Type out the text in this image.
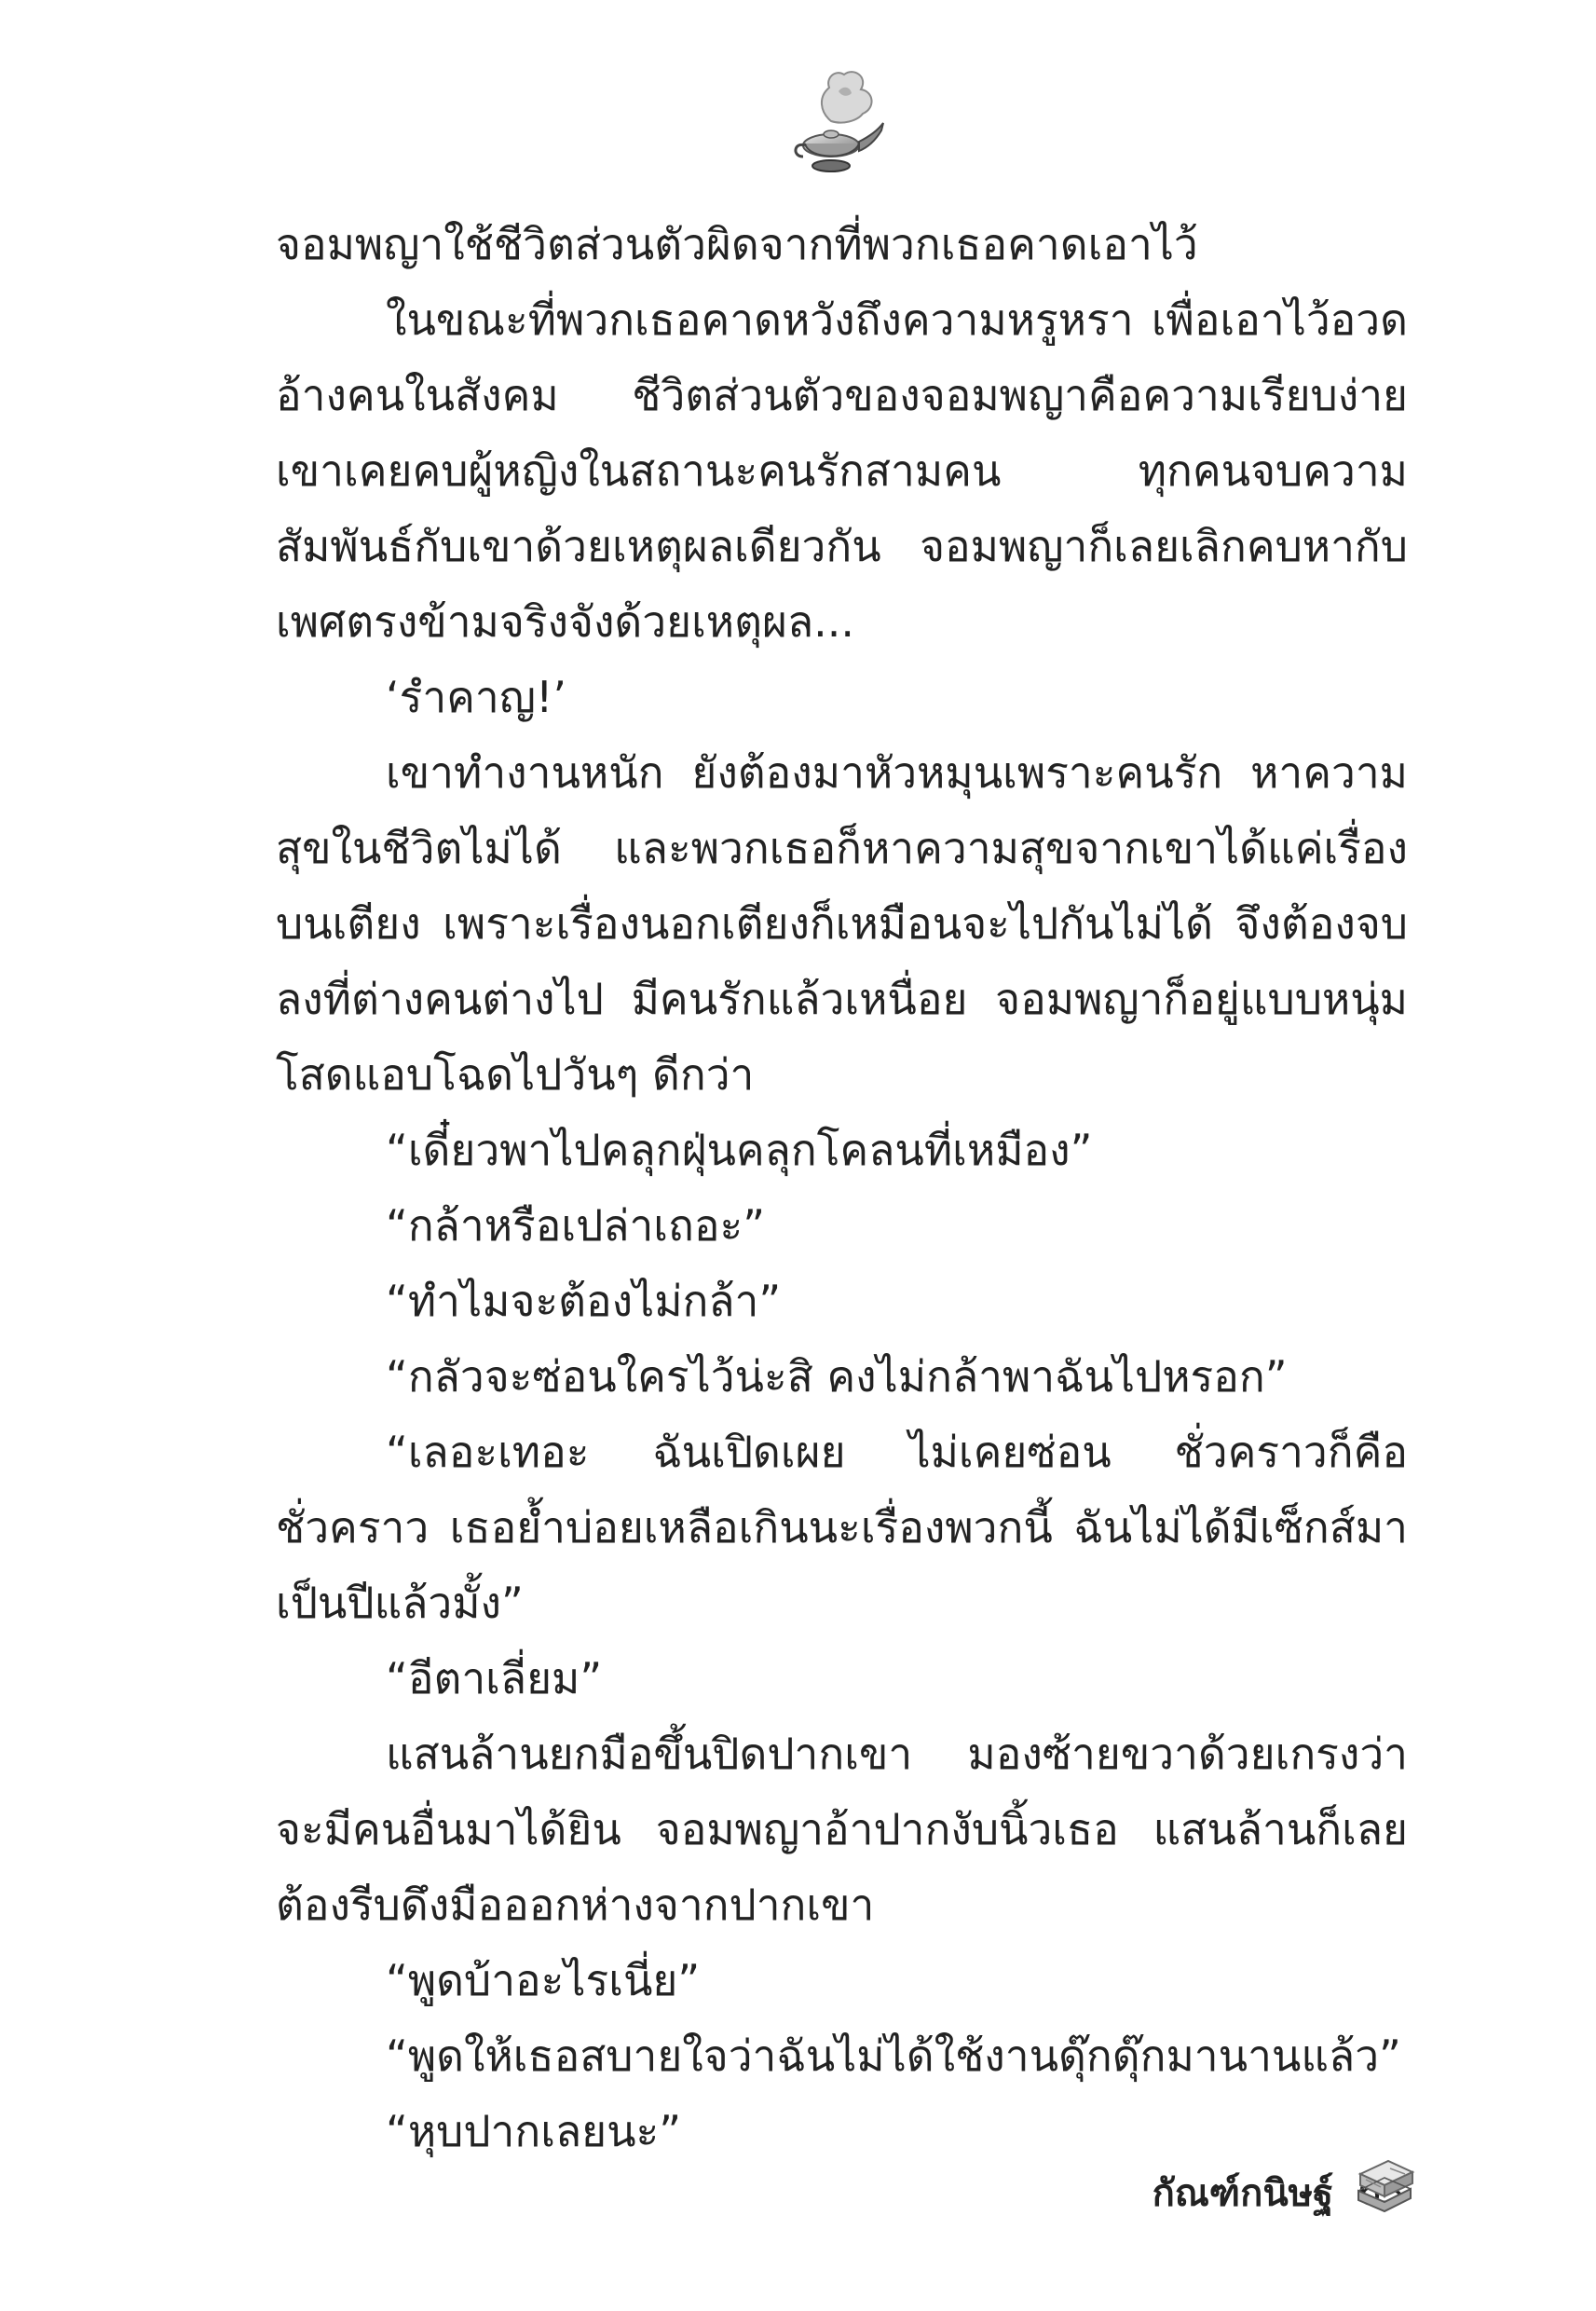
จอมพญาใช้ชีวิตส่วนตัวผิดจากที่พวกเธอคาดเอาไว้

ในขณะที่พวกเธอคาดหวังถึงความหรูหรา เพื่อเอาไว้อวดอ้างคนในสังคม ชีวิตส่วนตัวของจอมพญาคือความเรียบง่าย เขาเคยคบผู้หญิงในสถานะคนรักสามคน ทุกคนจบความสัมพันธ์กับเขาด้วยเหตุผลเดียวกัน จอมพญาก็เลยเลิกคบหากับเพศตรงข้ามจริงจังด้วยเหตุผล...

‘รำคาญ!’

เขาทำงานหนัก ยังต้องมาหัวหมุนเพราะคนรัก หาความสุขในชีวิตไม่ได้ และพวกเธอก็หาความสุขจากเขาได้แค่เรื่องบนเตียง เพราะเรื่องนอกเตียงก็เหมือนจะไปกันไม่ได้ จึงต้องจบลงที่ต่างคนต่างไป มีคนรักแล้วเหนื่อย จอมพญาก็อยู่แบบหนุ่มโสดแอบโฉดไปวันๆ ดีกว่า

“เดี๋ยวพาไปคลุกฝุ่นคลุกโคลนที่เหมือง”

“กล้าหรือเปล่าเถอะ”

“ทำไมจะต้องไม่กล้า”

“กลัวจะซ่อนใครไว้น่ะสิ คงไม่กล้าพาฉันไปหรอก”

“เลอะเทอะ ฉันเปิดเผย ไม่เคยซ่อน ชั่วคราวก็คือชั่วคราว เธอย้ำบ่อยเหลือเกินนะเรื่องพวกนี้ ฉันไม่ได้มีเซ็กส์มาเป็นปีแล้วมั้ง”

“อีตาเลี่ยม”

แสนล้านยกมือขึ้นปิดปากเขา มองซ้ายขวาด้วยเกรงว่าจะมีคนอื่นมาได้ยิน จอมพญาอ้าปากงับนิ้วเธอ แสนล้านก็เลยต้องรีบดึงมือออกห่างจากปากเขา

“พูดบ้าอะไรเนี่ย”

“พูดให้เธอสบายใจว่าฉันไม่ได้ใช้งานดุ๊กดุ๊กมานานแล้ว”

“หุบปากเลยนะ”

กัณฑ์กนิษฐ์
